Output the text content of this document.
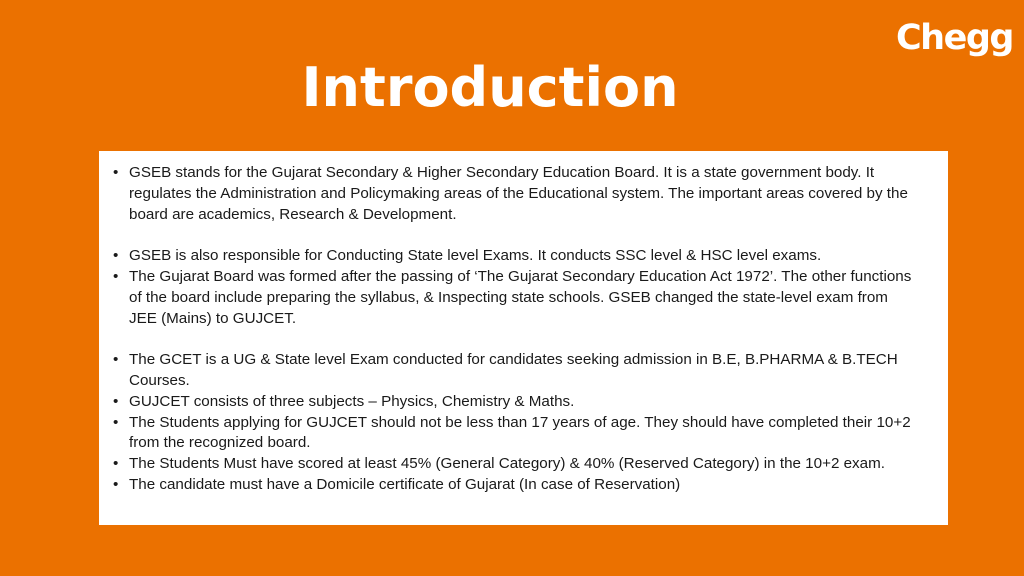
Chegg
Introduction
• GSEB stands for the Gujarat Secondary & Higher Secondary Education Board. It is a state government body. It regulates the Administration and Policymaking areas of the Educational system. The important areas covered by the board are academics, Research & Development.
• GSEB is also responsible for Conducting State level Exams. It conducts SSC level & HSC level exams.
• The Gujarat Board was formed after the passing of ‘The Gujarat Secondary Education Act 1972’. The other functions of the board include preparing the syllabus, & Inspecting state schools. GSEB changed the state-level exam from JEE (Mains) to GUJCET.
• The GCET is a UG & State level Exam conducted for candidates seeking admission in B.E, B.PHARMA & B.TECH Courses.
• GUJCET consists of three subjects – Physics, Chemistry & Maths.
• The Students applying for GUJCET should not be less than 17 years of age. They should have completed their 10+2 from the recognized board.
• The Students Must have scored at least 45% (General Category) & 40% (Reserved Category) in the 10+2 exam.
• The candidate must have a Domicile certificate of Gujarat (In case of Reservation)
